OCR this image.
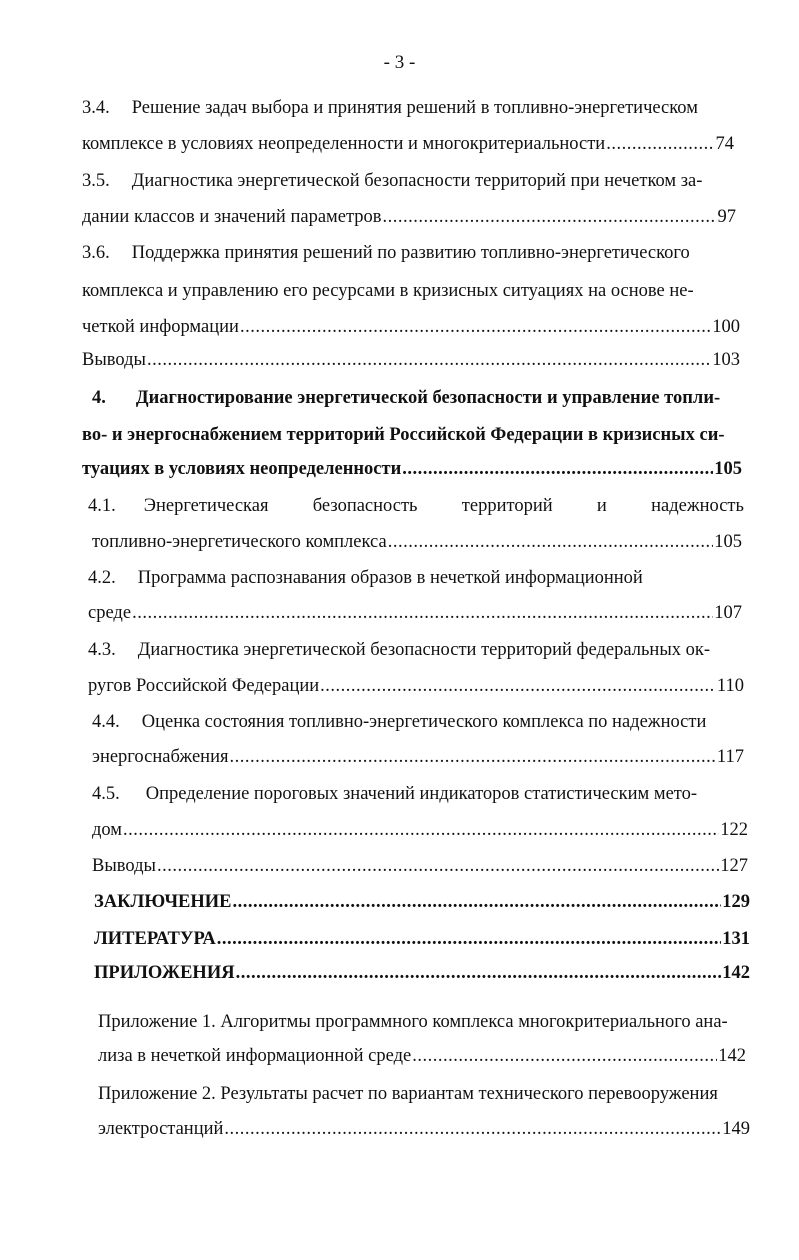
- 3 -
3.4. Решение задач выбора и принятия решений в топливно-энергетическом
комплексе в условиях неопределенности и многокритериальности .....	74
3.5. Диагностика энергетической безопасности территорий при нечетком за-
дании классов и значений параметров .....	97
3.6. Поддержка принятия решений по развитию топливно-энергетического
комплекса и управлению его ресурсами в кризисных ситуациях на основе не-
четкой информации .....	100
Выводы .....	103
4. Диагностирование энергетической безопасности и управление топли-
во- и энергоснабжением территорий Российской Федерации в кризисных си-
туациях в условиях неопределенности .....	105
4.1. Энергетическая безопасность территорий и надежность
топливно-энергетического комплекса .....	105
4.2. Программа распознавания образов в нечеткой информационной
среде .....	107
4.3. Диагностика энергетической безопасности территорий федеральных ок-
ругов Российской Федерации .....	110
4.4. Оценка состояния топливно-энергетического комплекса по надежности
энергоснабжения .....	117
4.5. Определение пороговых значений индикаторов статистическим мето-
дом .....	122
Выводы .....	127
ЗАКЛЮЧЕНИЕ .....	129
ЛИТЕРАТУРА .....	131
ПРИЛОЖЕНИЯ .....	142
Приложение 1. Алгоритмы программного комплекса многокритериального ана-
лиза в нечеткой информационной среде .....	142
Приложение 2. Результаты расчет по вариантам технического перевооружения
электростанций .....	149
